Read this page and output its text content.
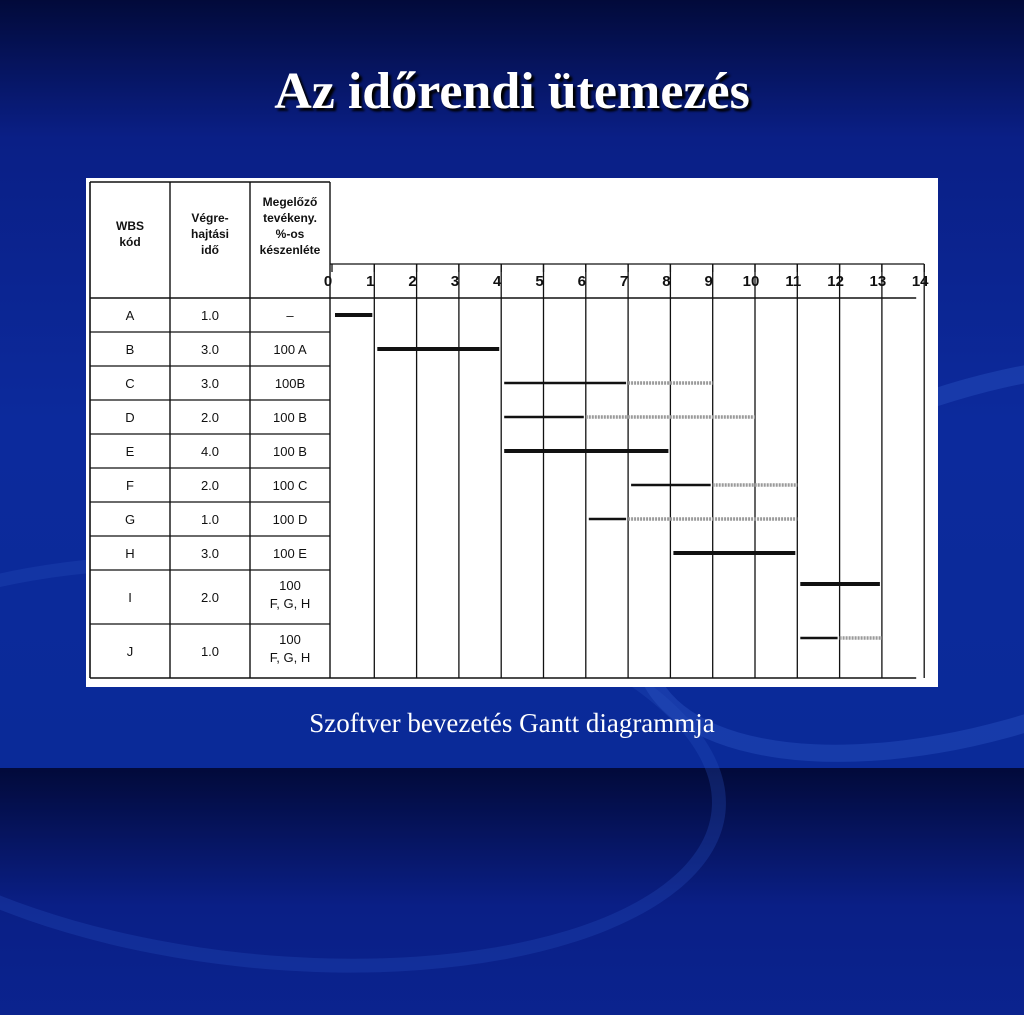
Az időrendi ütemezés
0 1 2 3 4 5 6 7 8 9 10 11 12 13 14
WBS
kód
Végre-
hajtási
idő
Megelőző
tevékeny.
%-os
készenléte
A	1.0	–
B	3.0	100 A
C	3.0	100B
D	2.0	100 B
E	4.0	100 B
F	2.0	100 C
G	1.0	100 D
H	3.0	100 E
I	2.0
100
F, G, H
J	1.0
100
F, G, H

Szoftver bevezetés Gantt diagrammja
